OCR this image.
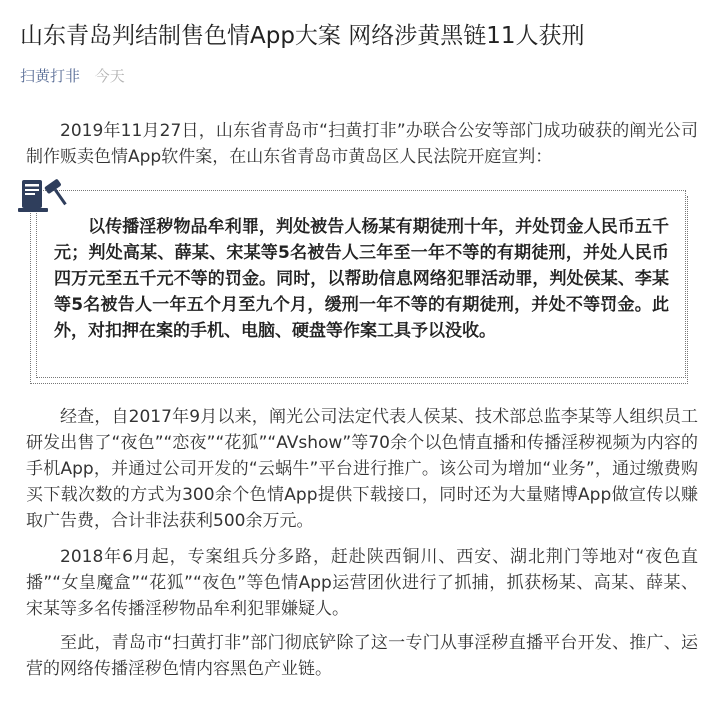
山东青岛判结制售色情App大案 网络涉黄黑链11人获刑
扫黄打非 今天

2019年11月27日，山东省青岛市“扫黄打非”办联合公安等部门成功破获的阐光公司制作贩卖色情App软件案，在山东省青岛市黄岛区人民法院开庭宣判：

以传播淫秽物品牟利罪，判处被告人杨某有期徒刑十年，并处罚金人民币五千元；判处高某、薛某、宋某等5名被告人三年至一年不等的有期徒刑，并处人民币四万元至五千元不等的罚金。同时，以帮助信息网络犯罪活动罪，判处侯某、李某等5名被告人一年五个月至九个月，缓刑一年不等的有期徒刑，并处不等罚金。此外，对扣押在案的手机、电脑、硬盘等作案工具予以没收。

经查，自2017年9月以来，阐光公司法定代表人侯某、技术部总监李某等人组织员工研发出售了“夜色”“恋夜”“花狐”“AVshow”等70余个以色情直播和传播淫秽视频为内容的手机App，并通过公司开发的“云蜗牛”平台进行推广。该公司为增加“业务”，通过缴费购买下载次数的方式为300余个色情App提供下载接口，同时还为大量赌博App做宣传以赚取广告费，合计非法获利500余万元。

2018年6月起，专案组兵分多路，赶赴陕西铜川、西安、湖北荆门等地对“夜色直播”“女皇魔盒”“花狐”“夜色”等色情App运营团伙进行了抓捕，抓获杨某、高某、薛某、宋某等多名传播淫秽物品牟利犯罪嫌疑人。

至此，青岛市“扫黄打非”部门彻底铲除了这一专门从事淫秽直播平台开发、推广、运营的网络传播淫秽色情内容黑色产业链。
